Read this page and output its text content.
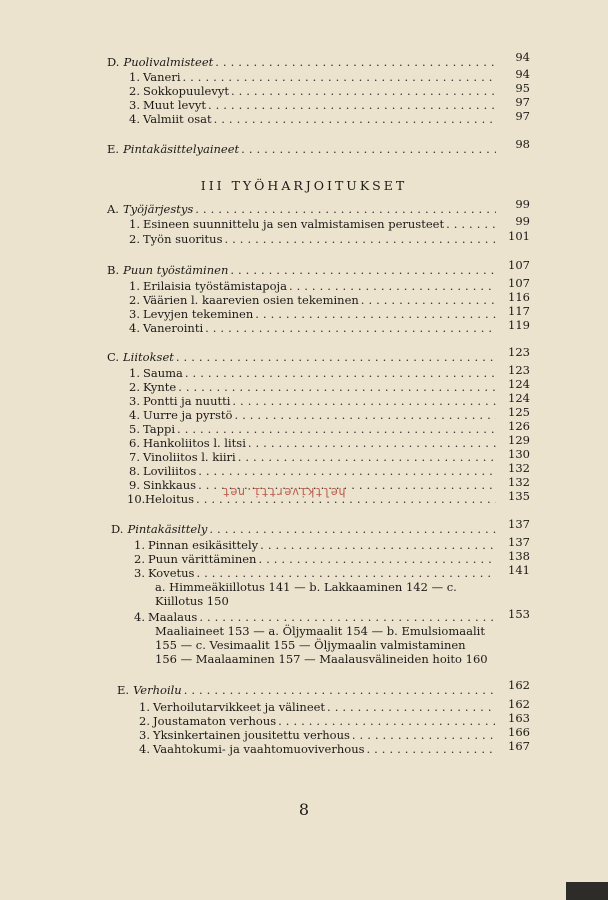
D. Puolivalmisteet .....	94
1. Vaneri .....	94
2. Sokkopuulevyt .....	95
3. Muut levyt .....	97
4. Valmiit osat .....	97
E. Pintakäsittelyaineet .....	98
A. Työjärjestys .....	99
1. Esineen suunnittelu ja sen valmistamisen perusteet .....	99
2. Työn suoritus .....	101
B. Puun työstäminen .....	107
1. Erilaisia työstämistapoja .....	107
2. Väärien l. kaarevien osien tekeminen .....	116
3. Levyjen tekeminen .....	117
4. Vanerointi .....	119
C. Liitokset .....	123
1. Sauma .....	123
2. Kynte .....	124
3. Pontti ja nuutti .....	124
4. Uurre ja pyrstö .....	125
5. Tappi .....	126
6. Hankoliitos l. litsi .....	129
7. Vinoliitos l. kiiri .....	130
8. Loviliitos .....	132
9. Sinkkaus .....	132
10. Heloitus .....	135
D. Pintakäsittely .....	137
1. Pinnan esikäsittely .....	137
2. Puun värittäminen .....	138
3. Kovetus .....	141
4. Maalaus .....	153
a. Himmeäkiillotus 141 — b. Lakkaaminen 142 — c.
Kiillotus 150
Maaliaineet 153 — a. Öljymaalit 154 — b. Emulsiomaalit
155 — c. Vesimaalit 155 — Öljymaalin valmistaminen
156 — Maalaaminen 157 — Maalausvälineiden hoito 160
E. Verhoilu .....	162
1. Verhoilutarvikkeet ja välineet .....	162
2. Joustamaton verhous .....	163
3. Yksinkertainen jousitettu verhous .....	166
4. Vaahtokumi- ja vaahtomuoviverhous .....	167
III TYÖHARJOITUKSET
heltkivertti.net
8
